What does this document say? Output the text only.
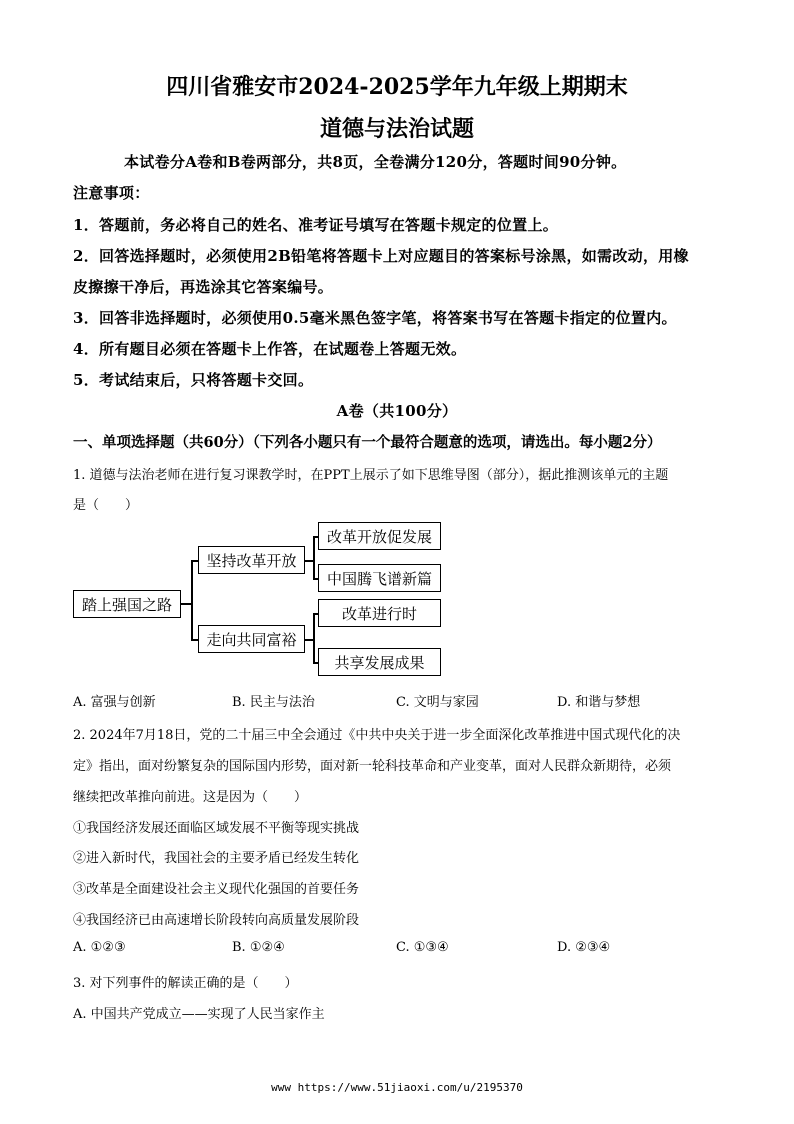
四川省雅安市2024-2025学年九年级上期期末
道德与法治试题
本试卷分A卷和B卷两部分，共8页，全卷满分120分，答题时间90分钟。
注意事项：
1．答题前，务必将自己的姓名、准考证号填写在答题卡规定的位置上。
2．回答选择题时，必须使用2B铅笔将答题卡上对应题目的答案标号涂黑，如需改动，用橡
皮擦擦干净后，再选涂其它答案编号。
3．回答非选择题时，必须使用0.5毫米黑色签字笔，将答案书写在答题卡指定的位置内。
4．所有题目必须在答题卡上作答，在试题卷上答题无效。
5．考试结束后，只将答题卡交回。
A卷（共100分）
一、单项选择题（共60分）（下列各小题只有一个最符合题意的选项，请选出。每小题2分）
1. 道德与法治老师在进行复习课教学时，在PPT上展示了如下思维导图（部分），据此推测该单元的主题
是（　　）
踏上强国之路
坚持改革开放
改革开放促发展
中国腾飞谱新篇
走向共同富裕
改革进行时
共享发展成果
A. 富强与创新	B. 民主与法治	C. 文明与家园	D. 和谐与梦想
2. 2024年7月18日，党的二十届三中全会通过《中共中央关于进一步全面深化改革推进中国式现代化的决
定》指出，面对纷繁复杂的国际国内形势，面对新一轮科技革命和产业变革，面对人民群众新期待，必须
继续把改革推向前进。这是因为（　　）
①我国经济发展还面临区域发展不平衡等现实挑战
②进入新时代，我国社会的主要矛盾已经发生转化
③改革是全面建设社会主义现代化强国的首要任务
④我国经济已由高速增长阶段转向高质量发展阶段
A. ①②③	B. ①②④	C. ①③④	D. ②③④
3. 对下列事件的解读正确的是（　　）
A. 中国共产党成立——实现了人民当家作主
www https://www.51jiaoxi.com/u/2195370
